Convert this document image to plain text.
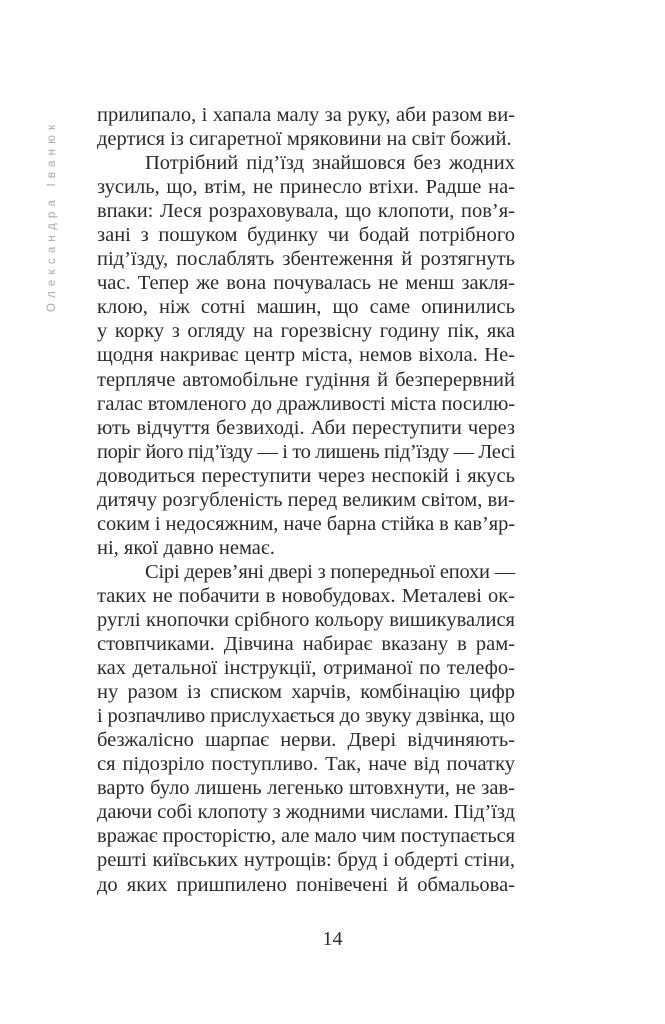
Олександра Іванюк
прилипало, і хапала малу за руку, аби разом ви-
дертися із сигаретної мряковини на світ божий.
Потрібний під’їзд знайшовся без жодних
зусиль, що, втім, не принесло втіхи. Радше на-
впаки: Леся розраховувала, що клопоти, пов’я-
зані з пошуком будинку чи бодай потрібного
під’їзду, послаблять збентеження й розтягнуть
час. Тепер же вона почувалась не менш закля-
клою, ніж сотні машин, що саме опинились
у корку з огляду на горезвісну годину пік, яка
щодня накриває центр міста, немов віхола. Не-
терпляче автомобільне гудіння й безперервний
галас втомленого до дражливості міста посилю-
ють відчуття безвиході. Аби переступити через
поріг його під’їзду — і то лишень під’їзду — Лесі
доводиться переступити через неспокій і якусь
дитячу розгубленість перед великим світом, ви-
соким і недосяжним, наче барна стійка в кав’яр-
ні, якої давно немає.
Сірі дерев’яні двері з попередньої епохи —
таких не побачити в новобудовах. Металеві ок-
руглі кнопочки срібного кольору вишикувалися
стовпчиками. Дівчина набирає вказану в рам-
ках детальної інструкції, отриманої по телефо-
ну разом із списком харчів, комбінацію цифр
і розпачливо прислухається до звуку дзвінка, що
безжалісно шарпає нерви. Двері відчиняють-
ся підозріло поступливо. Так, наче від початку
варто було лишень легенько штовхнути, не зав-
даючи собі клопоту з жодними числами. Під’їзд
вражає просторістю, але мало чим поступається
решті київських нутрощів: бруд і обдерті стіни,
до яких пришпилено понівечені й обмальова-
14
